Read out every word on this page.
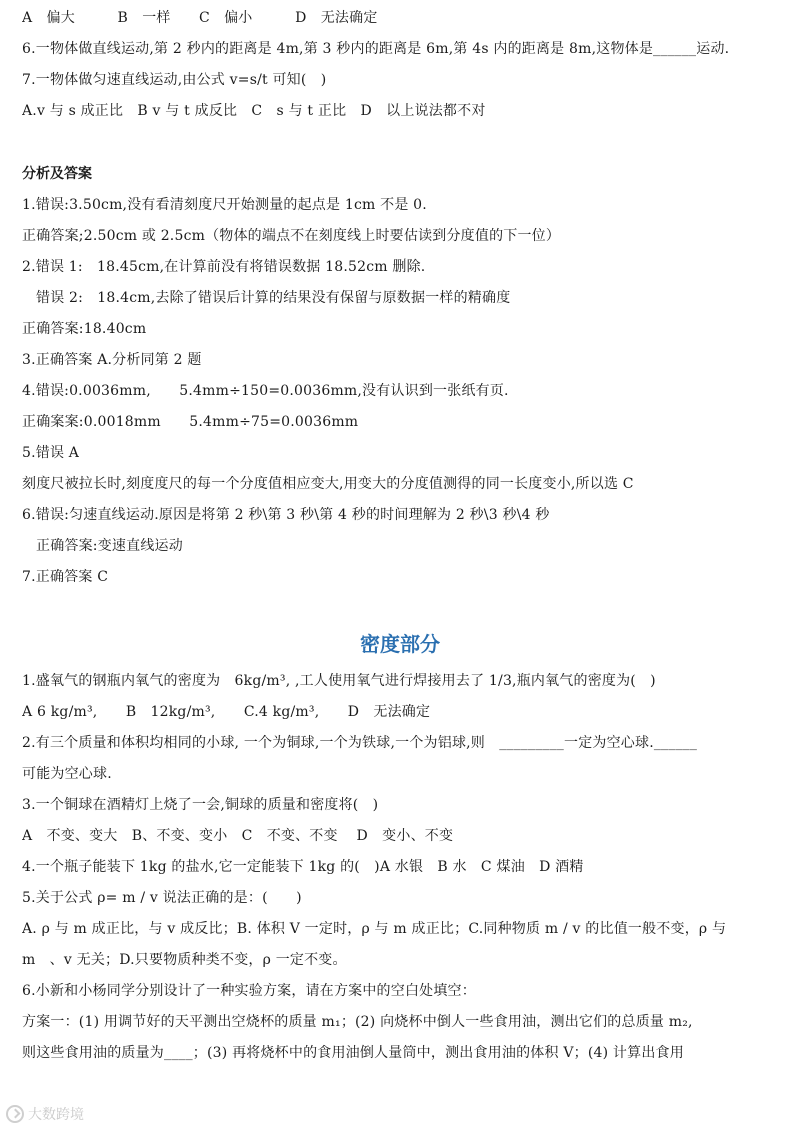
A　偏大　　　B　一样　　C　偏小　　　D　无法确定
6.一物体做直线运动,第 2 秒内的距离是 4m,第 3 秒内的距离是 6m,第 4s 内的距离是 8m,这物体是______运动.
7.一物体做匀速直线运动,由公式 v=s/t 可知(　)
A.v 与 s 成正比　B v 与 t 成反比　C　s 与 t 正比　D　以上说法都不对
分析及答案
1.错误:3.50cm,没有看清刻度尺开始测量的起点是 1cm 不是 0.
正确答案;2.50cm 或 2.5cm（物体的端点不在刻度线上时要估读到分度值的下一位）
2.错误 1:　18.45cm,在计算前没有将错误数据 18.52cm 删除.
错误 2:　18.4cm,去除了错误后计算的结果没有保留与原数据一样的精确度
正确答案:18.40cm
3.正确答案 A.分析同第 2 题
4.错误:0.0036mm,　　5.4mm÷150=0.0036mm,没有认识到一张纸有页.
正确案案:0.0018mm　　5.4mm÷75=0.0036mm
5.错误 A
刻度尺被拉长时,刻度度尺的每一个分度值相应变大,用变大的分度值测得的同一长度变小,所以选 C
6.错误:匀速直线运动.原因是将第 2 秒\第 3 秒\第 4 秒的时间理解为 2 秒\3 秒\4 秒
正确答案:变速直线运动
7.正确答案 C
密度部分
1.盛氧气的钢瓶内氧气的密度为　6kg/m³, ,工人使用氧气进行焊接用去了 1/3,瓶内氧气的密度为(　)
A 6 kg/m³,　　B　12kg/m³,　　C.4 kg/m³,　　D　无法确定
2.有三个质量和体积均相同的小球, 一个为铜球,一个为铁球,一个为铝球,则　_________一定为空心球.______
可能为空心球.
3.一个铜球在酒精灯上烧了一会,铜球的质量和密度将(　)
A　不变、变大　B、不变、变小　C　不变、不变　 D　变小、不变
4.一个瓶子能装下 1kg 的盐水,它一定能装下 1kg 的(　)A 水银　B 水　C 煤油　D 酒精
5.关于公式 ρ= m / v 说法正确的是：(　　)
A. ρ 与 m 成正比，与 v 成反比；B. 体积 V 一定时，ρ 与 m 成正比；C.同种物质 m / v 的比值一般不变，ρ 与
m　、v 无关；D.只要物质种类不变，ρ 一定不变。
6.小新和小杨同学分别设计了一种实验方案，请在方案中的空白处填空：
方案一：(1) 用调节好的天平测出空烧杯的质量 m₁；(2) 向烧杯中倒人一些食用油，测出它们的总质量 m₂,
则这些食用油的质量为____；(3) 再将烧杯中的食用油倒人量筒中，测出食用油的体积 V；(4) 计算出食用
大数跨境
